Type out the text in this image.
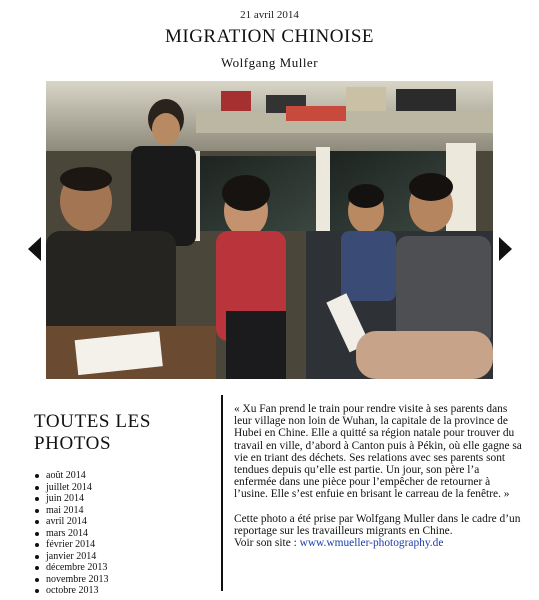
21 avril 2014
MIGRATION CHINOISE
Wolfgang Muller
TOUTES LES PHOTOS
août 2014
juillet 2014
juin 2014
mai 2014
avril 2014
mars 2014
février 2014
janvier 2014
décembre 2013
novembre 2013
octobre 2013

« Xu Fan prend le train pour rendre visite à ses parents dans leur village non loin de Wuhan, la capitale de la province de Hubei en Chine. Elle a quitté sa région natale pour trouver du travail en ville, d’abord à Canton puis à Pékin, où elle gagne sa vie en triant des déchets. Ses relations avec ses parents sont tendues depuis qu’elle est partie. Un jour, son père l’a enfermée dans une pièce pour l’empêcher de retourner à l’usine. Elle s’est enfuie en brisant le carreau de la fenêtre. »

Cette photo a été prise par Wolfgang Muller dans le cadre d’un reportage sur les travailleurs migrants en Chine.

Voir son site : www.wmueller-photography.de
